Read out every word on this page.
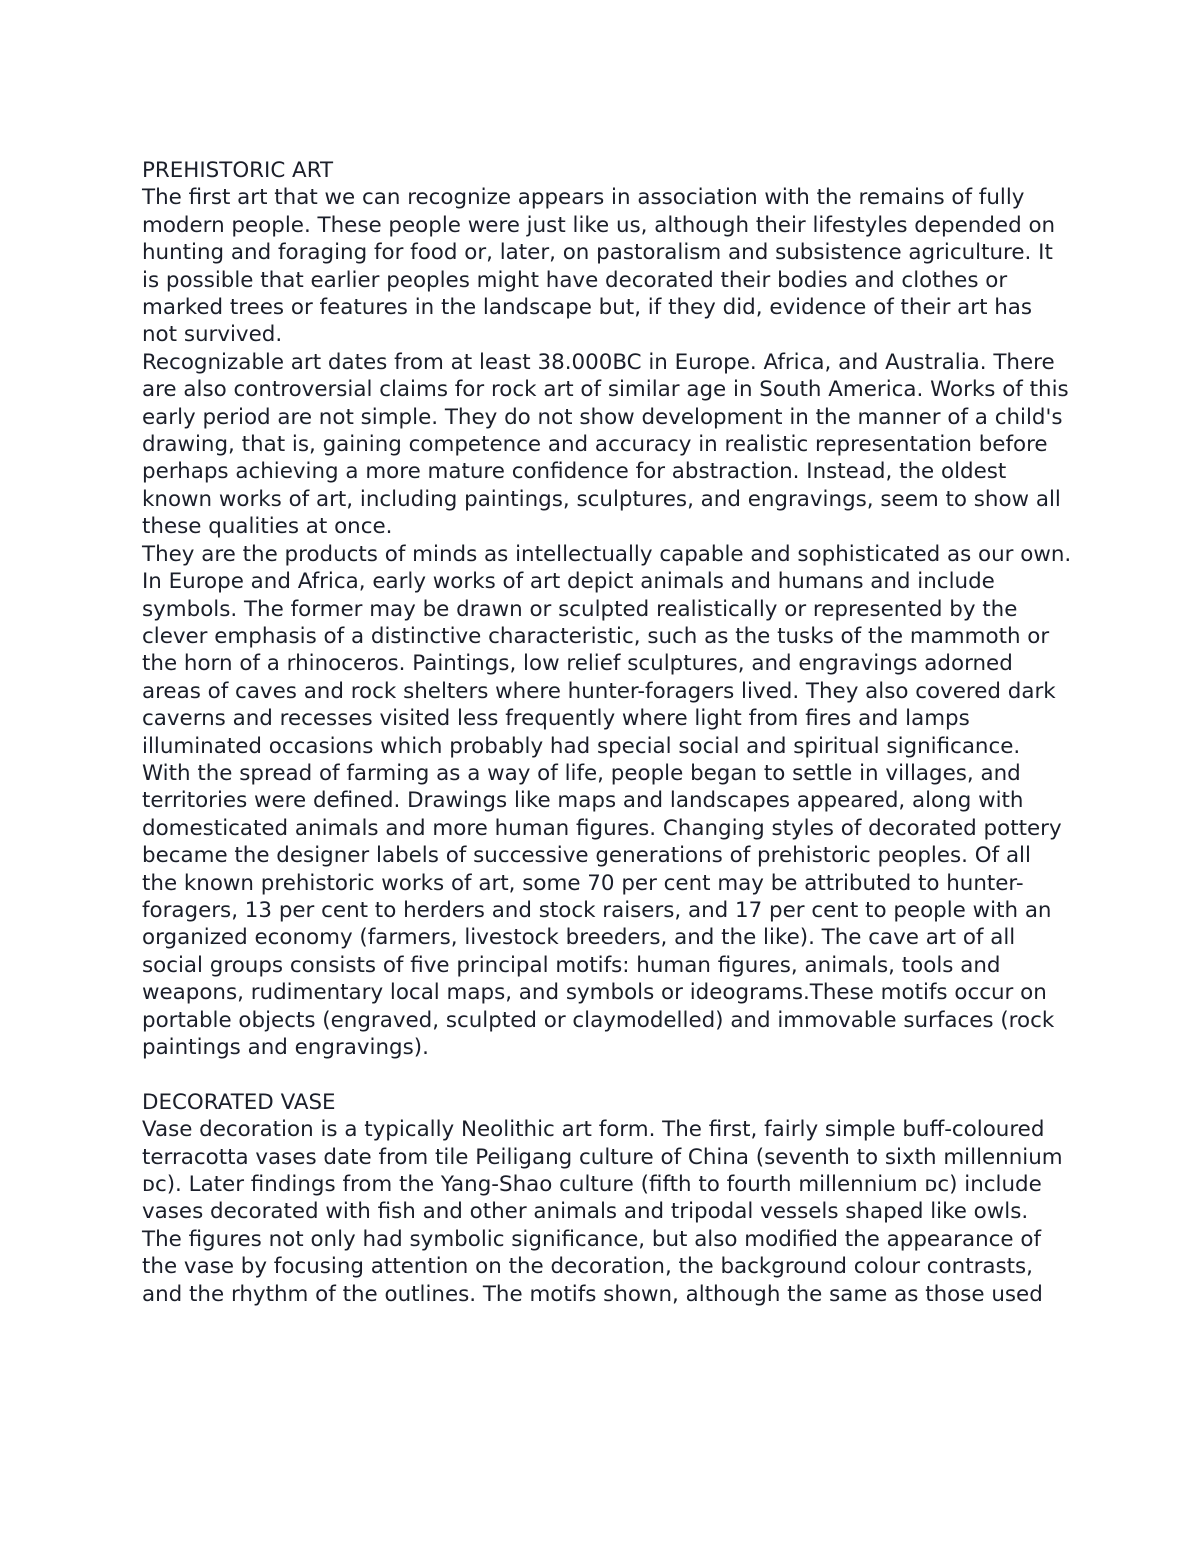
PREHISTORIC ART

The first art that we can recognize appears in association with the remains of fully modern people. These people were just like us, although their lifestyles depended on hunting and foraging for food or, later, on pastoralism and subsistence agriculture. It is possible that earlier peoples might have decorated their bodies and clothes or marked trees or features in the landscape but, if they did, evidence of their art has not survived.

Recognizable art dates from at least 38.000BC in Europe. Africa, and Australia. There are also controversial claims for rock art of similar age in South America. Works of this early period are not simple. They do not show development in the manner of a child's drawing, that is, gaining competence and accuracy in realistic representation before perhaps achieving a more mature confidence for abstraction. Instead, the oldest known works of art, including paintings, sculptures, and engravings, seem to show all these qualities at once.

They are the products of minds as intellectually capable and sophisticated as our own. In Europe and Africa, early works of art depict animals and humans and include symbols. The former may be drawn or sculpted realistically or represented by the clever emphasis of a distinctive characteristic, such as the tusks of the mammoth or the horn of a rhinoceros. Paintings, low relief sculptures, and engravings adorned areas of caves and rock shelters where hunter-foragers lived. They also covered dark caverns and recesses visited less frequently where light from fires and lamps illuminated occasions which probably had special social and spiritual significance. With the spread of farming as a way of life, people began to settle in villages, and territories were defined. Drawings like maps and landscapes appeared, along with domesticated animals and more human figures. Changing styles of decorated pottery became the designer labels of successive generations of prehistoric peoples. Of all the known prehistoric works of art, some 70 per cent may be attributed to hunter-foragers, 13 per cent to herders and stock raisers, and 17 per cent to people with an organized economy (farmers, livestock breeders, and the like). The cave art of all social groups consists of five principal motifs: human figures, animals, tools and weapons, rudimentary local maps, and symbols or ideograms.These motifs occur on portable objects (engraved, sculpted or claymodelled) and immovable surfaces (rock paintings and engravings).

DECORATED VASE

Vase decoration is a typically Neolithic art form. The first, fairly simple buff-coloured terracotta vases date from tile Peiligang culture of China (seventh to sixth millennium ᴅᴄ). Later findings from the Yang-Shao culture (fifth to fourth millennium ᴅᴄ) include vases decorated with fish and other animals and tripodal vessels shaped like owls. The figures not only had symbolic significance, but also modified the appearance of the vase by focusing attention on the decoration, the background colour contrasts, and the rhythm of the outlines. The motifs shown, although the same as those used
